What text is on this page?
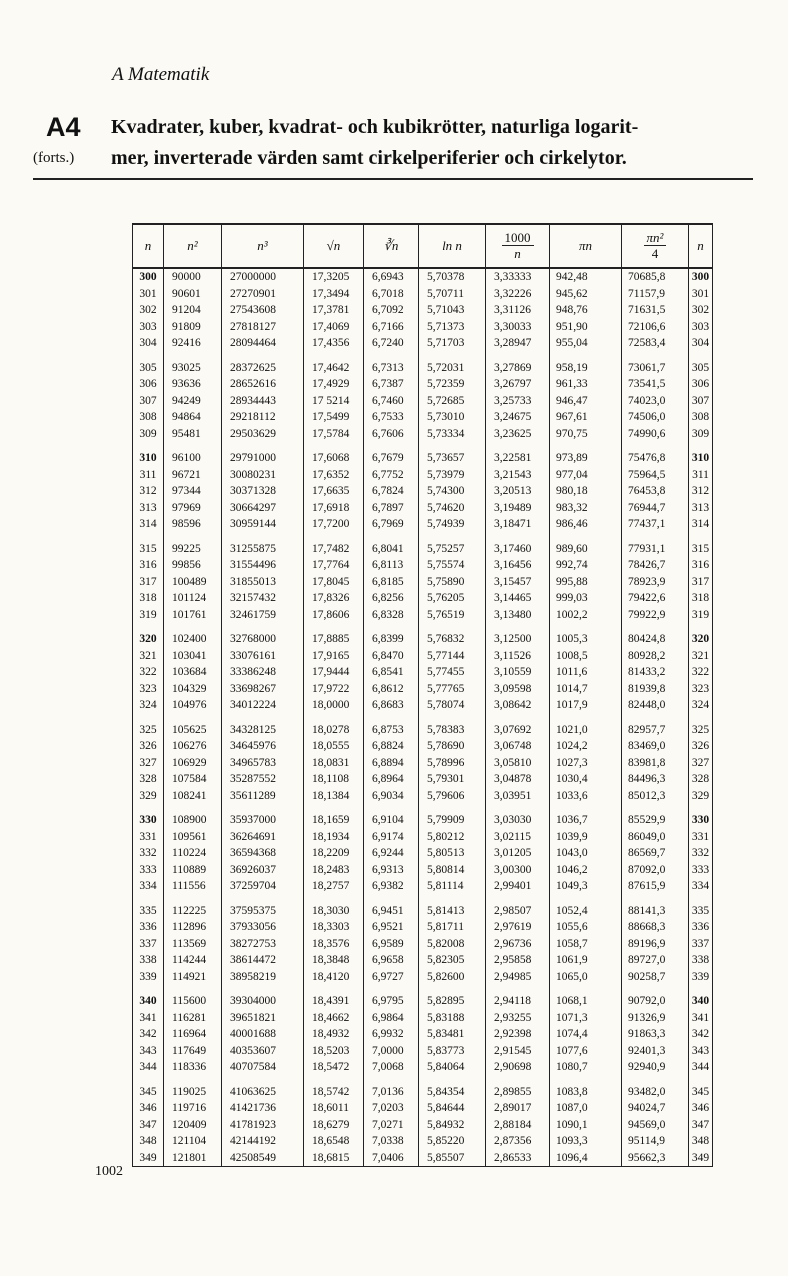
A Matematik
A4
(forts.)
Kvadrater, kuber, kvadrat- och kubikrötter, naturliga logarit-
mer, inverterade värden samt cirkelperiferier och cirkelytor.
n	n²	n³	√n	∛n	ln n	$\frac{1000}{n}$	πn	$\frac{\text{πn²}}{4}$	n
300	90000	27000000	17,3205	6,6943	5,70378	3,33333	942,48	70685,8	300
301	90601	27270901	17,3494	6,7018	5,70711	3,32226	945,62	71157,9	301
302	91204	27543608	17,3781	6,7092	5,71043	3,31126	948,76	71631,5	302
303	91809	27818127	17,4069	6,7166	5,71373	3,30033	951,90	72106,6	303
304	92416	28094464	17,4356	6,7240	5,71703	3,28947	955,04	72583,4	304
305	93025	28372625	17,4642	6,7313	5,72031	3,27869	958,19	73061,7	305
306	93636	28652616	17,4929	6,7387	5,72359	3,26797	961,33	73541,5	306
307	94249	28934443	17 5214	6,7460	5,72685	3,25733	946,47	74023,0	307
308	94864	29218112	17,5499	6,7533	5,73010	3,24675	967,61	74506,0	308
309	95481	29503629	17,5784	6,7606	5,73334	3,23625	970,75	74990,6	309
310	96100	29791000	17,6068	6,7679	5,73657	3,22581	973,89	75476,8	310
311	96721	30080231	17,6352	6,7752	5,73979	3,21543	977,04	75964,5	311
312	97344	30371328	17,6635	6,7824	5,74300	3,20513	980,18	76453,8	312
313	97969	30664297	17,6918	6,7897	5,74620	3,19489	983,32	76944,7	313
314	98596	30959144	17,7200	6,7969	5,74939	3,18471	986,46	77437,1	314
315	99225	31255875	17,7482	6,8041	5,75257	3,17460	989,60	77931,1	315
316	99856	31554496	17,7764	6,8113	5,75574	3,16456	992,74	78426,7	316
317	100489	31855013	17,8045	6,8185	5,75890	3,15457	995,88	78923,9	317
318	101124	32157432	17,8326	6,8256	5,76205	3,14465	999,03	79422,6	318
319	101761	32461759	17,8606	6,8328	5,76519	3,13480	1002,2	79922,9	319
320	102400	32768000	17,8885	6,8399	5,76832	3,12500	1005,3	80424,8	320
321	103041	33076161	17,9165	6,8470	5,77144	3,11526	1008,5	80928,2	321
322	103684	33386248	17,9444	6,8541	5,77455	3,10559	1011,6	81433,2	322
323	104329	33698267	17,9722	6,8612	5,77765	3,09598	1014,7	81939,8	323
324	104976	34012224	18,0000	6,8683	5,78074	3,08642	1017,9	82448,0	324
325	105625	34328125	18,0278	6,8753	5,78383	3,07692	1021,0	82957,7	325
326	106276	34645976	18,0555	6,8824	5,78690	3,06748	1024,2	83469,0	326
327	106929	34965783	18,0831	6,8894	5,78996	3,05810	1027,3	83981,8	327
328	107584	35287552	18,1108	6,8964	5,79301	3,04878	1030,4	84496,3	328
329	108241	35611289	18,1384	6,9034	5,79606	3,03951	1033,6	85012,3	329
330	108900	35937000	18,1659	6,9104	5,79909	3,03030	1036,7	85529,9	330
331	109561	36264691	18,1934	6,9174	5,80212	3,02115	1039,9	86049,0	331
332	110224	36594368	18,2209	6,9244	5,80513	3,01205	1043,0	86569,7	332
333	110889	36926037	18,2483	6,9313	5,80814	3,00300	1046,2	87092,0	333
334	111556	37259704	18,2757	6,9382	5,81114	2,99401	1049,3	87615,9	334
335	112225	37595375	18,3030	6,9451	5,81413	2,98507	1052,4	88141,3	335
336	112896	37933056	18,3303	6,9521	5,81711	2,97619	1055,6	88668,3	336
337	113569	38272753	18,3576	6,9589	5,82008	2,96736	1058,7	89196,9	337
338	114244	38614472	18,3848	6,9658	5,82305	2,95858	1061,9	89727,0	338
339	114921	38958219	18,4120	6,9727	5,82600	2,94985	1065,0	90258,7	339
340	115600	39304000	18,4391	6,9795	5,82895	2,94118	1068,1	90792,0	340
341	116281	39651821	18,4662	6,9864	5,83188	2,93255	1071,3	91326,9	341
342	116964	40001688	18,4932	6,9932	5,83481	2,92398	1074,4	91863,3	342
343	117649	40353607	18,5203	7,0000	5,83773	2,91545	1077,6	92401,3	343
344	118336	40707584	18,5472	7,0068	5,84064	2,90698	1080,7	92940,9	344
345	119025	41063625	18,5742	7,0136	5,84354	2,89855	1083,8	93482,0	345
346	119716	41421736	18,6011	7,0203	5,84644	2,89017	1087,0	94024,7	346
347	120409	41781923	18,6279	7,0271	5,84932	2,88184	1090,1	94569,0	347
348	121104	42144192	18,6548	7,0338	5,85220	2,87356	1093,3	95114,9	348
349	121801	42508549	18,6815	7,0406	5,85507	2,86533	1096,4	95662,3	349
1002
